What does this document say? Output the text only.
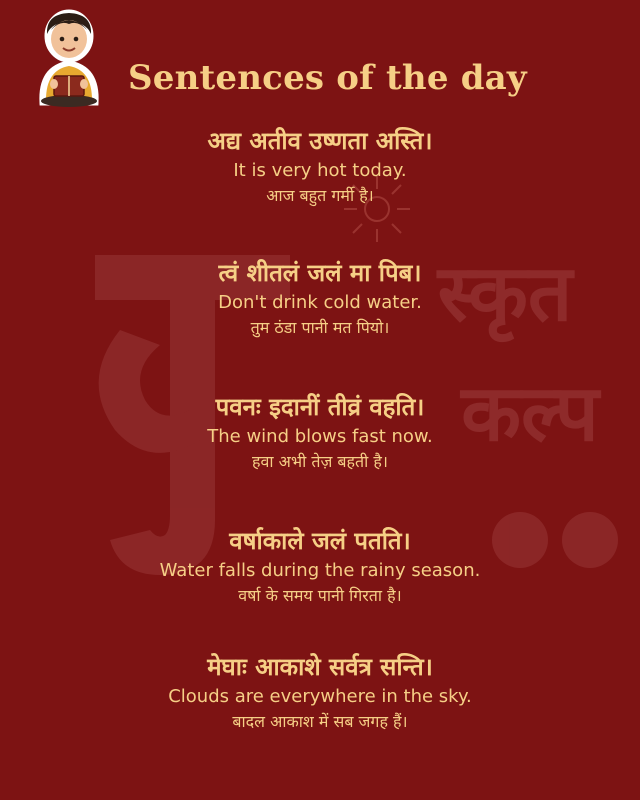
स्कृत
कल्प
Sentences of the day
अद्य अतीव उष्णता अस्ति।
It is very hot today.
आज बहुत गर्मी है।
त्वं शीतलं जलं मा पिब।
Don't drink cold water.
तुम ठंडा पानी मत पियो।
पवनः इदानीं तीव्रं वहति।
The wind blows fast now.
हवा अभी तेज़ बहती है।
वर्षाकाले जलं पतति।
Water falls during the rainy season.
वर्षा के समय पानी गिरता है।
मेघाः आकाशे सर्वत्र सन्ति।
Clouds are everywhere in the sky.
बादल आकाश में सब जगह हैं।
